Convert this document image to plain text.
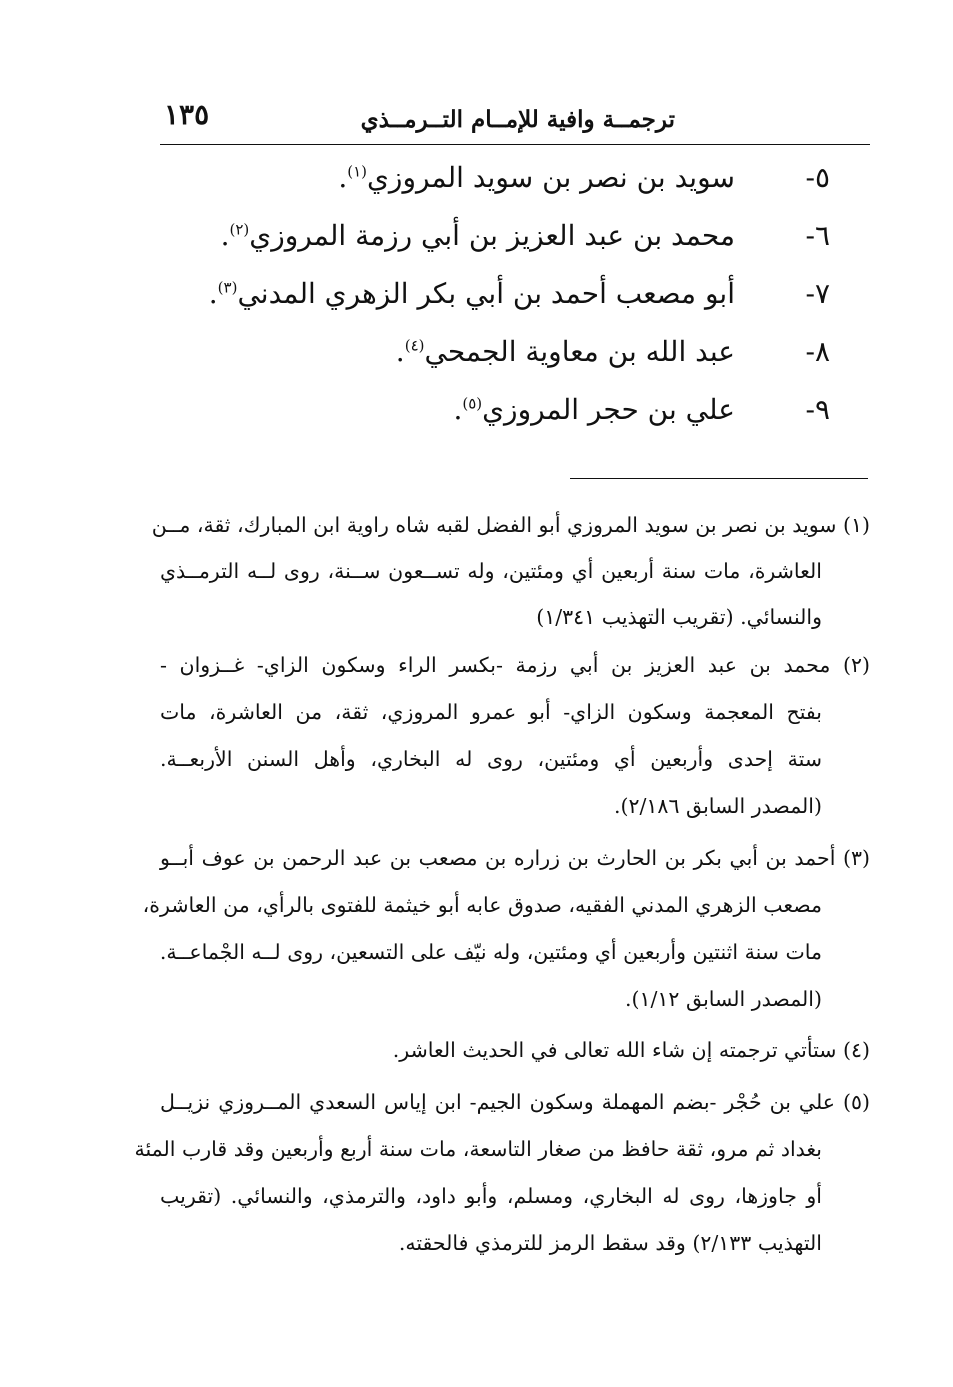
ترجمــة وافية للإمــام التــرمــذي
١٣٥
٥-
سويد بن نصر بن سويد المروزي$^{(١)}$.
٦-
محمد بن عبد العزيز بن أبي رزمة المروزي$^{(٢)}$.
٧-
أبو مصعب أحمد بن أبي بكر الزهري المدني$^{(٣)}$.
٨-
عبد الله بن معاوية الجمحي$^{(٤)}$.
٩-
علي بن حجر المروزي$^{(٥)}$.
(١) سويد بن نصر بن سويد المروزي أبو الفضل لقبه شاه راوية ابن المبارك، ثقة، مــن
العاشرة، مات سنة أربعين أي ومئتين، وله تســعون ســنة، روى لــه الترمــذي
والنسائي. (تقريب التهذيب ١/٣٤١)
(٢) محمد بن عبد العزيز بن أبي رزمة -بكسر الراء وسكون الزاي- غــزوان -
بفتح المعجمة وسكون الزاي- أبو عمرو المروزي، ثقة، من العاشرة، مات
ستة إحدى وأربعين أي ومئتين، روى له البخاري، وأهل السنن الأربعــة.
(المصدر السابق ٢/١٨٦).
(٣) أحمد بن أبي بكر بن الحارث بن زراره بن مصعب بن عبد الرحمن بن عوف أبــو
مصعب الزهري المدني الفقيه، صدوق عابه أبو خيثمة للفتوى بالرأي، من العاشرة،
مات سنة اثنتين وأربعين أي ومئتين، وله نيّف على التسعين، روى لــه الجْماعــة.
(المصدر السابق ١/١٢).
(٤) ستأتي ترجمته إن شاء الله تعالى في الحديث العاشر.
(٥) علي بن حُجْر -بضم المهملة وسكون الجيم- ابن إياس السعدي المــروزي نزيــل
بغداد ثم مرو، ثقة حافظ من صغار التاسعة، مات سنة أربع وأربعين وقد قارب المئة
أو جاوزها، روى له البخاري، ومسلم، وأبو داود، والترمذي، والنسائي. (تقريب
التهذيب ٢/١٣٣) وقد سقط الرمز للترمذي فالحقته.
